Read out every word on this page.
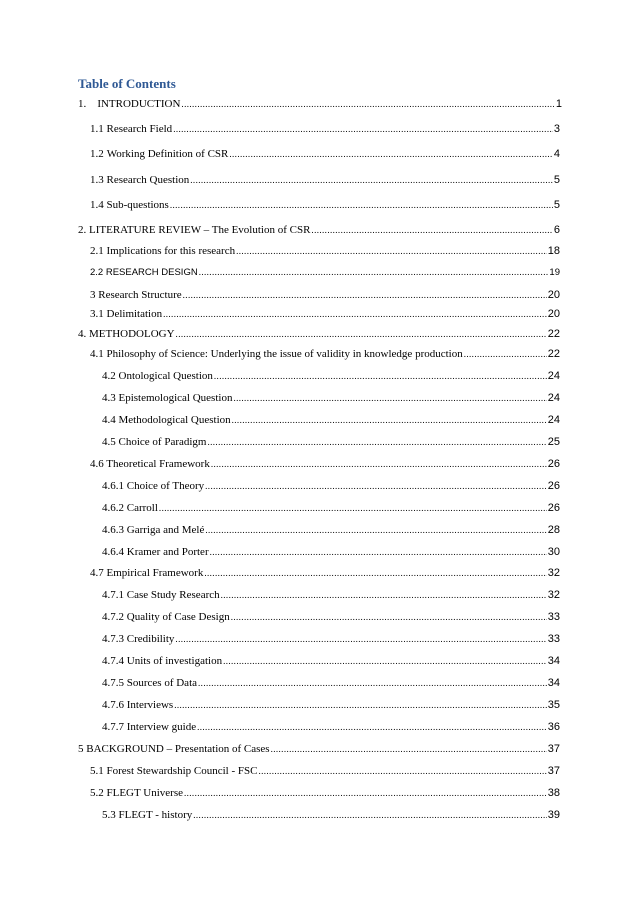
Table of Contents
1.	INTRODUCTION .....	1
1.1 Research Field .....	3
1.2 Working Definition of CSR .....	4
1.3 Research Question .....	5
1.4 Sub-questions .....	5
2. LITERATURE REVIEW – The Evolution of CSR .....	6
2.1 Implications for this research .....	18
2.2 RESEARCH DESIGN .....	19
3 Research Structure .....	20
3.1 Delimitation .....	20
4. METHODOLOGY .....	22
4.1 Philosophy of Science: Underlying the issue of validity in knowledge production .....	22
4.2 Ontological Question .....	24
4.3 Epistemological Question .....	24
4.4 Methodological Question .....	24
4.5 Choice of Paradigm .....	25
4.6 Theoretical Framework .....	26
4.6.1 Choice of Theory .....	26
4.6.2 Carroll .....	26
4.6.3 Garriga and Melé .....	28
4.6.4 Kramer and Porter .....	30
4.7 Empirical Framework .....	32
4.7.1 Case Study Research .....	32
4.7.2 Quality of Case Design .....	33
4.7.3 Credibility .....	33
4.7.4 Units of investigation .....	34
4.7.5 Sources of Data .....	34
4.7.6 Interviews .....	35
4.7.7 Interview guide .....	36
5 BACKGROUND – Presentation of Cases .....	37
5.1 Forest Stewardship Council - FSC .....	37
5.2 FLEGT Universe .....	38
5.3 FLEGT - history .....	39
